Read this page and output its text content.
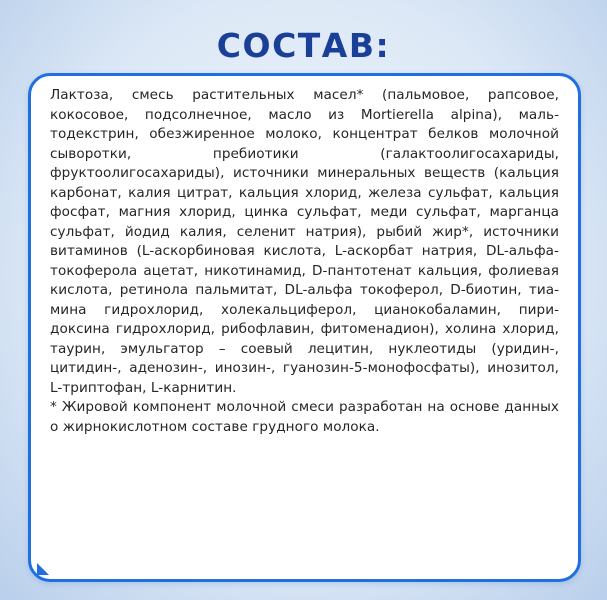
СОСТАВ:

Лактоза, смесь растительных масел* (пальмовое, рапсовое, кокосовое, подсолнечное, масло из Mortierella alpina), мальтодекстрин, обезжиренное молоко, концентрат белков молочной сыворотки, пребиотики (галактоолигосахариды, фруктоолигосахариды), источники минеральных веществ (кальция карбонат, калия цитрат, кальция хлорид, железа сульфат, кальция фосфат, магния хлорид, цинка сульфат, меди сульфат, марганца сульфат, йодид калия, селенит натрия), рыбий жир*, источники витаминов (L-аскорбиновая кислота, L-аскорбат натрия, DL-альфа-токоферола ацетат, никотинамид, D-пантотенат кальция, фолиевая кислота, ретинола пальмитат, DL-альфа токоферол, D-биотин, тиамина гидрохлорид, холекальциферол, цианокобаламин, пиридоксина гидрохлорид, рибофлавин, фитоменадион), холина хлорид, таурин, эмульгатор – соевый лецитин, нуклеотиды (уридин-, цитидин-, аденозин-, инозин-, гуанозин-5-монофосфаты), инозитол, L-триптофан, L-карнитин.

* Жировой компонент молочной смеси разработан на основе данных о жирнокислотном составе грудного молока.
